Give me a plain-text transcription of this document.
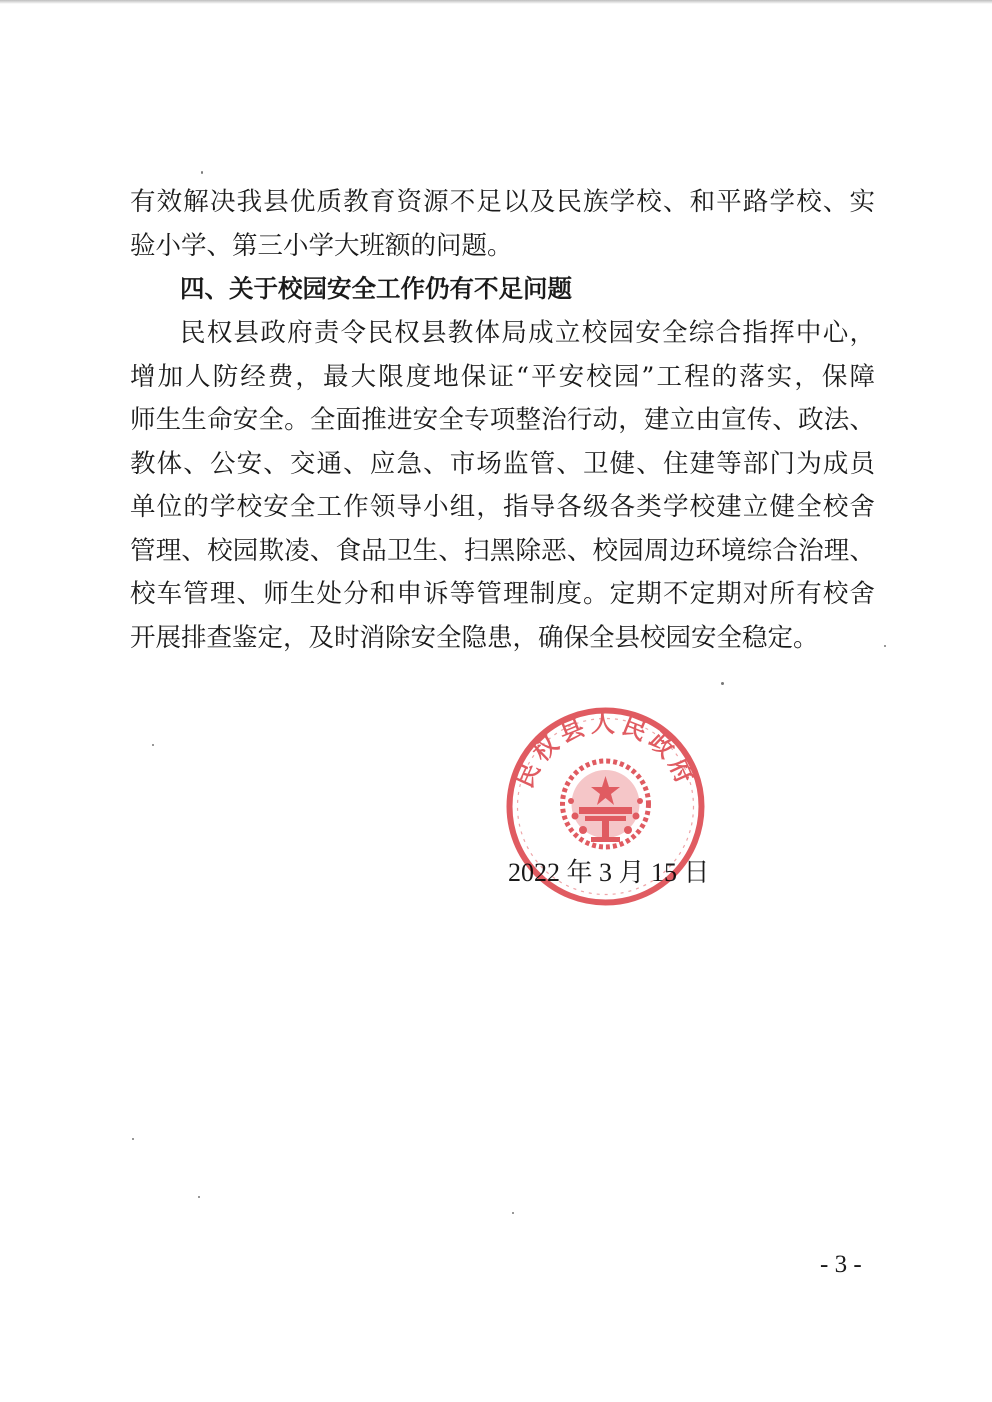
有效解决我县优质教育资源不足以及民族学校、和平路学校、实
验小学、第三小学大班额的问题。
四、关于校园安全工作仍有不足问题
民权县政府责令民权县教体局成立校园安全综合指挥中心，
增加人防经费，最大限度地保证“平安校园”工程的落实，保障
师生生命安全。全面推进安全专项整治行动，建立由宣传、政法、
教体、公安、交通、应急、市场监管、卫健、住建等部门为成员
单位的学校安全工作领导小组，指导各级各类学校建立健全校舍
管理、校园欺凌、食品卫生、扫黑除恶、校园周边环境综合治理、
校车管理、师生处分和申诉等管理制度。定期不定期对所有校舍
开展排查鉴定，及时消除安全隐患，确保全县校园安全稳定。
2022 年 3 月 15 日
民权县人民政府
- 3 -
